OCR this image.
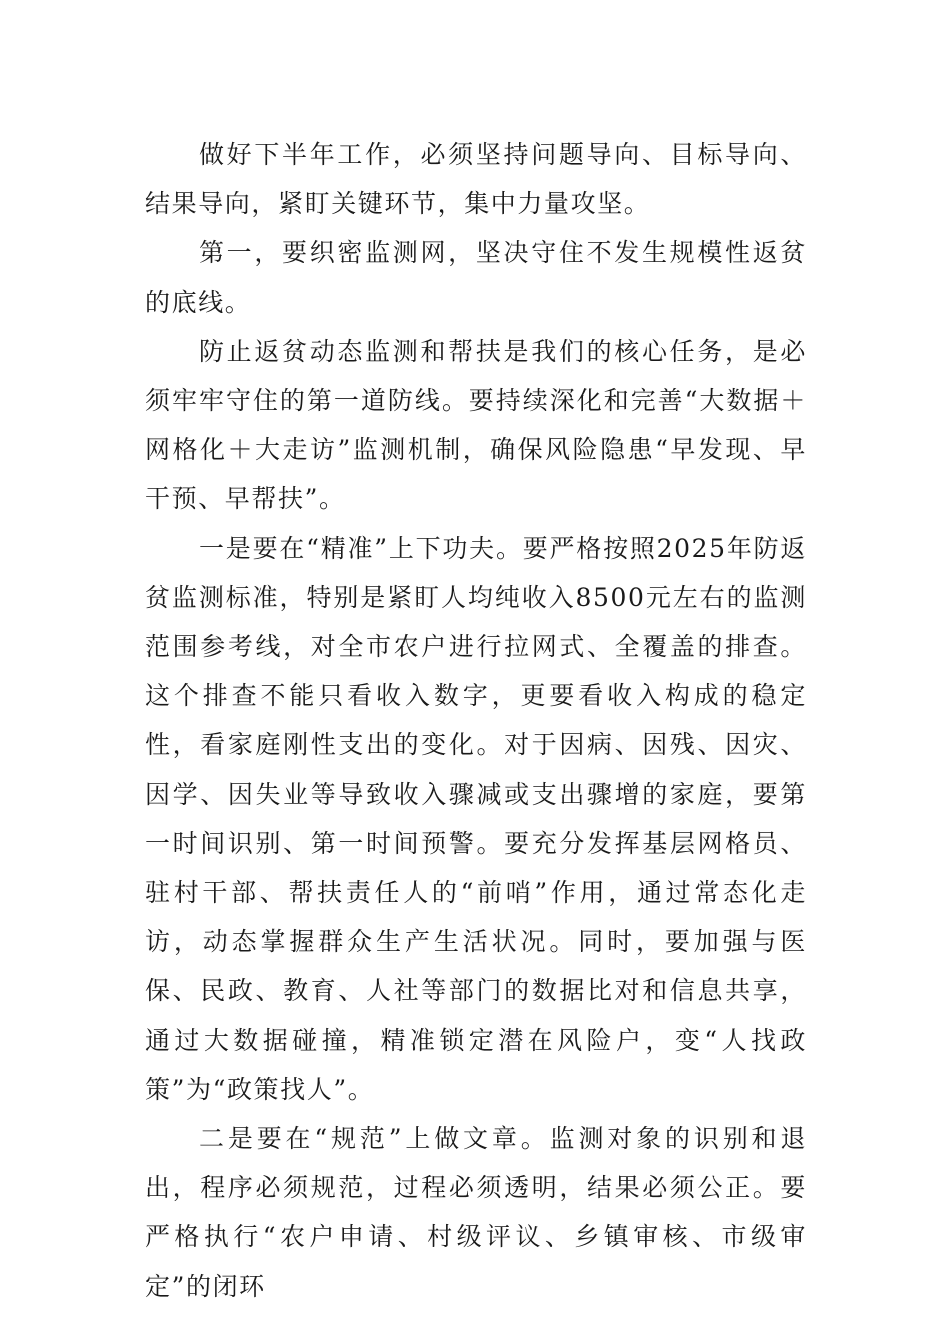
做好下半年工作，必须坚持问题导向、目标导向、结果导向，紧盯关键环节，集中力量攻坚。

第一，要织密监测网，坚决守住不发生规模性返贫的底线。

防止返贫动态监测和帮扶是我们的核心任务，是必须牢牢守住的第一道防线。要持续深化和完善“大数据＋网格化＋大走访”监测机制，确保风险隐患“早发现、早干预、早帮扶”。

一是要在“精准”上下功夫。要严格按照2025年防返贫监测标准，特别是紧盯人均纯收入8500元左右的监测范围参考线，对全市农户进行拉网式、全覆盖的排查。这个排查不能只看收入数字，更要看收入构成的稳定性，看家庭刚性支出的变化。对于因病、因残、因灾、因学、因失业等导致收入骤减或支出骤增的家庭，要第一时间识别、第一时间预警。要充分发挥基层网格员、驻村干部、帮扶责任人的“前哨”作用，通过常态化走访，动态掌握群众生产生活状况。同时，要加强与医保、民政、教育、人社等部门的数据比对和信息共享，通过大数据碰撞，精准锁定潜在风险户，变“人找政策”为“政策找人”。

二是要在“规范”上做文章。监测对象的识别和退出，程序必须规范，过程必须透明，结果必须公正。要严格执行“农户申请、村级评议、乡镇审核、市级审定”的闭环
